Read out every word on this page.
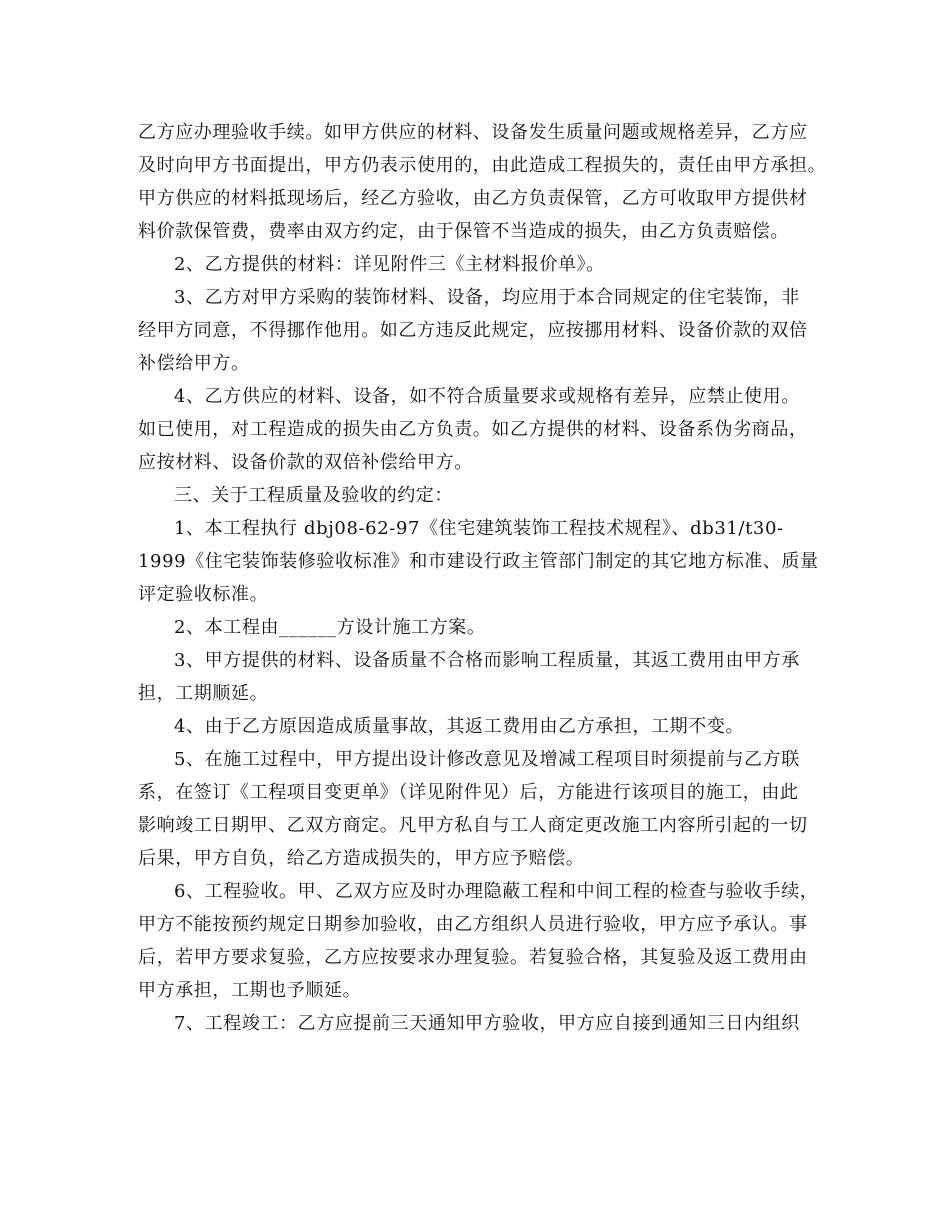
乙方应办理验收手续。如甲方供应的材料、设备发生质量问题或规格差异，乙方应
及时向甲方书面提出，甲方仍表示使用的，由此造成工程损失的，责任由甲方承担。
甲方供应的材料抵现场后，经乙方验收，由乙方负责保管，乙方可收取甲方提供材
料价款保管费，费率由双方约定，由于保管不当造成的损失，由乙方负责赔偿。
2、乙方提供的材料：详见附件三《主材料报价单》。
3、乙方对甲方采购的装饰材料、设备，均应用于本合同规定的住宅装饰，非
经甲方同意，不得挪作他用。如乙方违反此规定，应按挪用材料、设备价款的双倍
补偿给甲方。
4、乙方供应的材料、设备，如不符合质量要求或规格有差异，应禁止使用。
如已使用，对工程造成的损失由乙方负责。如乙方提供的材料、设备系伪劣商品，
应按材料、设备价款的双倍补偿给甲方。
三、关于工程质量及验收的约定：
1、本工程执行 dbj08-62-97《住宅建筑装饰工程技术规程》、db31/t30-
1999《住宅装饰装修验收标准》和市建设行政主管部门制定的其它地方标准、质量
评定验收标准。
2、本工程由______方设计施工方案。
3、甲方提供的材料、设备质量不合格而影响工程质量，其返工费用由甲方承
担，工期顺延。
4、由于乙方原因造成质量事故，其返工费用由乙方承担，工期不变。
5、在施工过程中，甲方提出设计修改意见及增减工程项目时须提前与乙方联
系，在签订《工程项目变更单》（详见附件见）后，方能进行该项目的施工，由此
影响竣工日期甲、乙双方商定。凡甲方私自与工人商定更改施工内容所引起的一切
后果，甲方自负，给乙方造成损失的，甲方应予赔偿。
6、工程验收。甲、乙双方应及时办理隐蔽工程和中间工程的检查与验收手续，
甲方不能按预约规定日期参加验收，由乙方组织人员进行验收，甲方应予承认。事
后，若甲方要求复验，乙方应按要求办理复验。若复验合格，其复验及返工费用由
甲方承担，工期也予顺延。
7、工程竣工：乙方应提前三天通知甲方验收，甲方应自接到通知三日内组织
